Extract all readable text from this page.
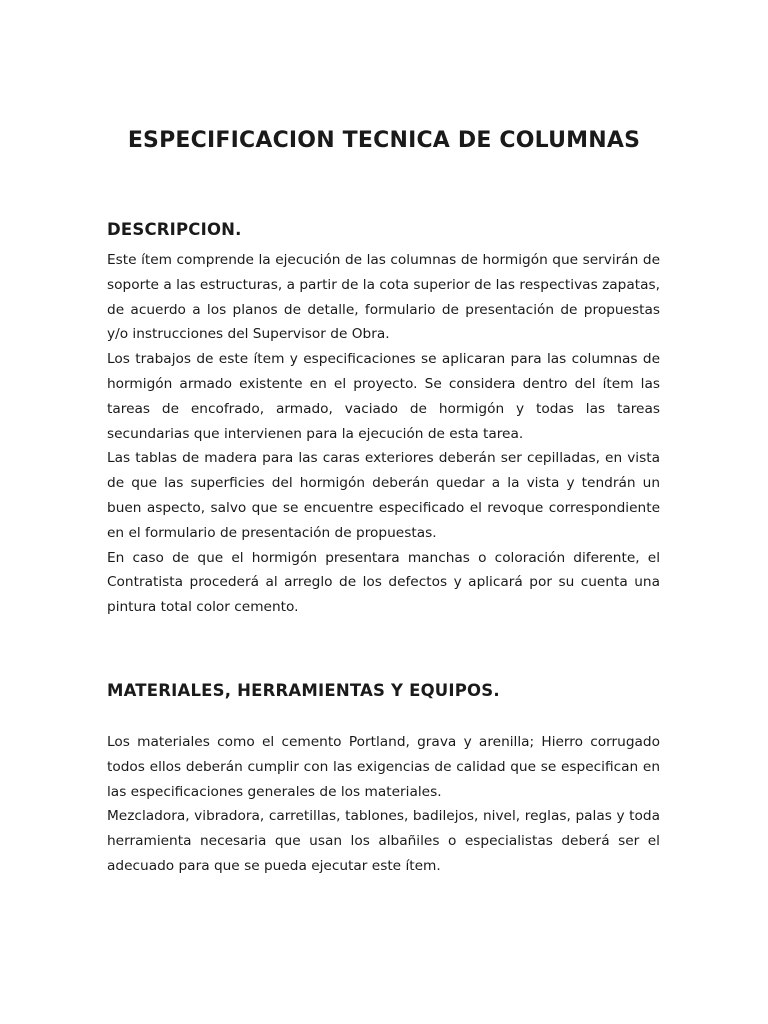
ESPECIFICACION TECNICA DE COLUMNAS
DESCRIPCION.

Este ítem comprende la ejecución de las columnas de hormigón que servirán de soporte a las estructuras, a partir de la cota superior de las respectivas zapatas, de acuerdo a los planos de detalle, formulario de presentación de propuestas y/o instrucciones del Supervisor de Obra.

Los trabajos de este ítem y especificaciones se aplicaran para las columnas de hormigón armado existente en el proyecto. Se considera dentro del ítem las tareas de encofrado, armado, vaciado de hormigón y todas las tareas secundarias que intervienen para la ejecución de esta tarea.

Las tablas de madera para las caras exteriores deberán ser cepilladas, en vista de que las superficies del hormigón deberán quedar a la vista y tendrán un buen aspecto, salvo que se encuentre especificado el revoque correspondiente en el formulario de presentación de propuestas.

En caso de que el hormigón presentara manchas o coloración diferente, el Contratista procederá al arreglo de los defectos y aplicará por su cuenta una pintura total color cemento.

MATERIALES, HERRAMIENTAS Y EQUIPOS.

Los materiales como el cemento Portland, grava y arenilla; Hierro corrugado todos ellos deberán cumplir con las exigencias de calidad que se especifican en las especificaciones generales de los materiales.

Mezcladora, vibradora, carretillas, tablones, badilejos, nivel, reglas, palas y toda herramienta necesaria que usan los albañiles o especialistas deberá ser el adecuado para que se pueda ejecutar este ítem.
